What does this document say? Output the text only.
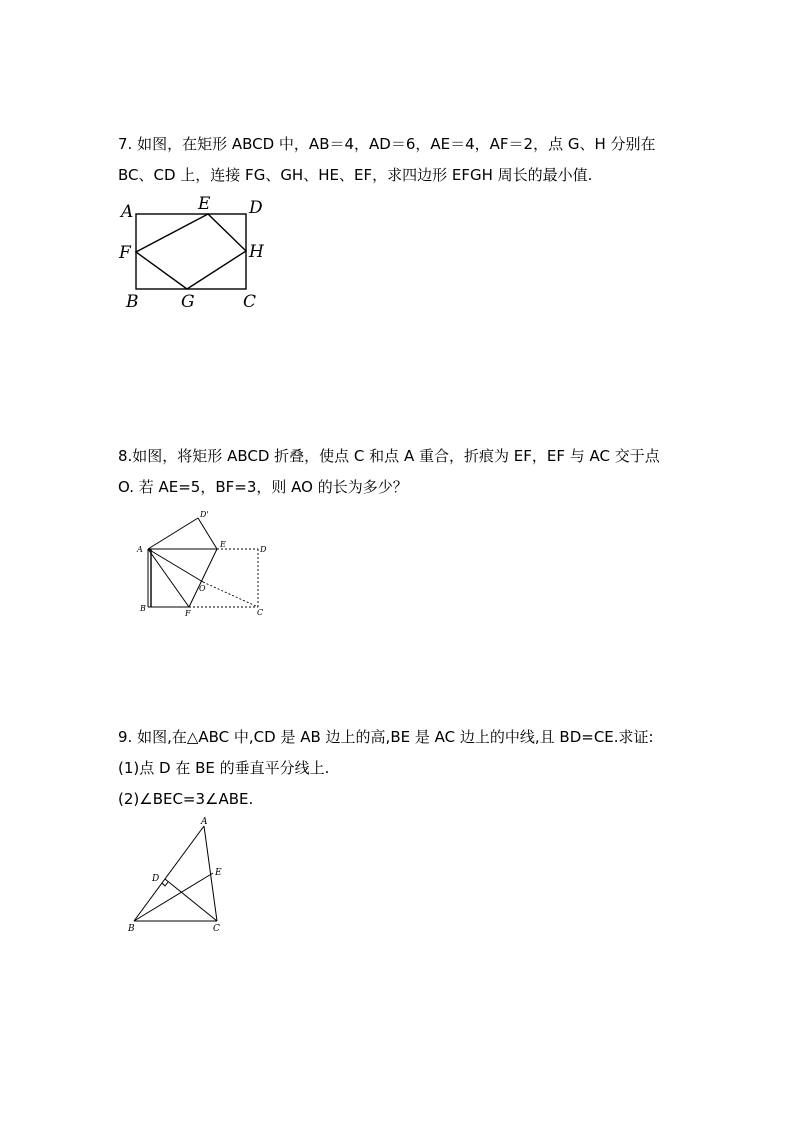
7. 如图，在矩形 ABCD 中，AB＝4，AD＝6，AE＝4，AF＝2，点 G、H 分别在
BC、CD 上，连接 FG、GH、HE、EF，求四边形 EFGH 周长的最小值.
A	E D
F	H
B	G	C
8.如图，将矩形 ABCD 折叠，使点 C 和点 A 重合，折痕为 EF，EF 与 AC 交于点
O. 若 AE=5，BF=3，则 AO 的长为多少？
D'
A
E
D
O
B
F	C
9. 如图,在△ABC 中,CD 是 AB 边上的高,BE 是 AC 边上的中线,且 BD=CE.求证:
(1)点 D 在 BE 的垂直平分线上.
(2)∠BEC=3∠ABE.
A
D
E
B	C
